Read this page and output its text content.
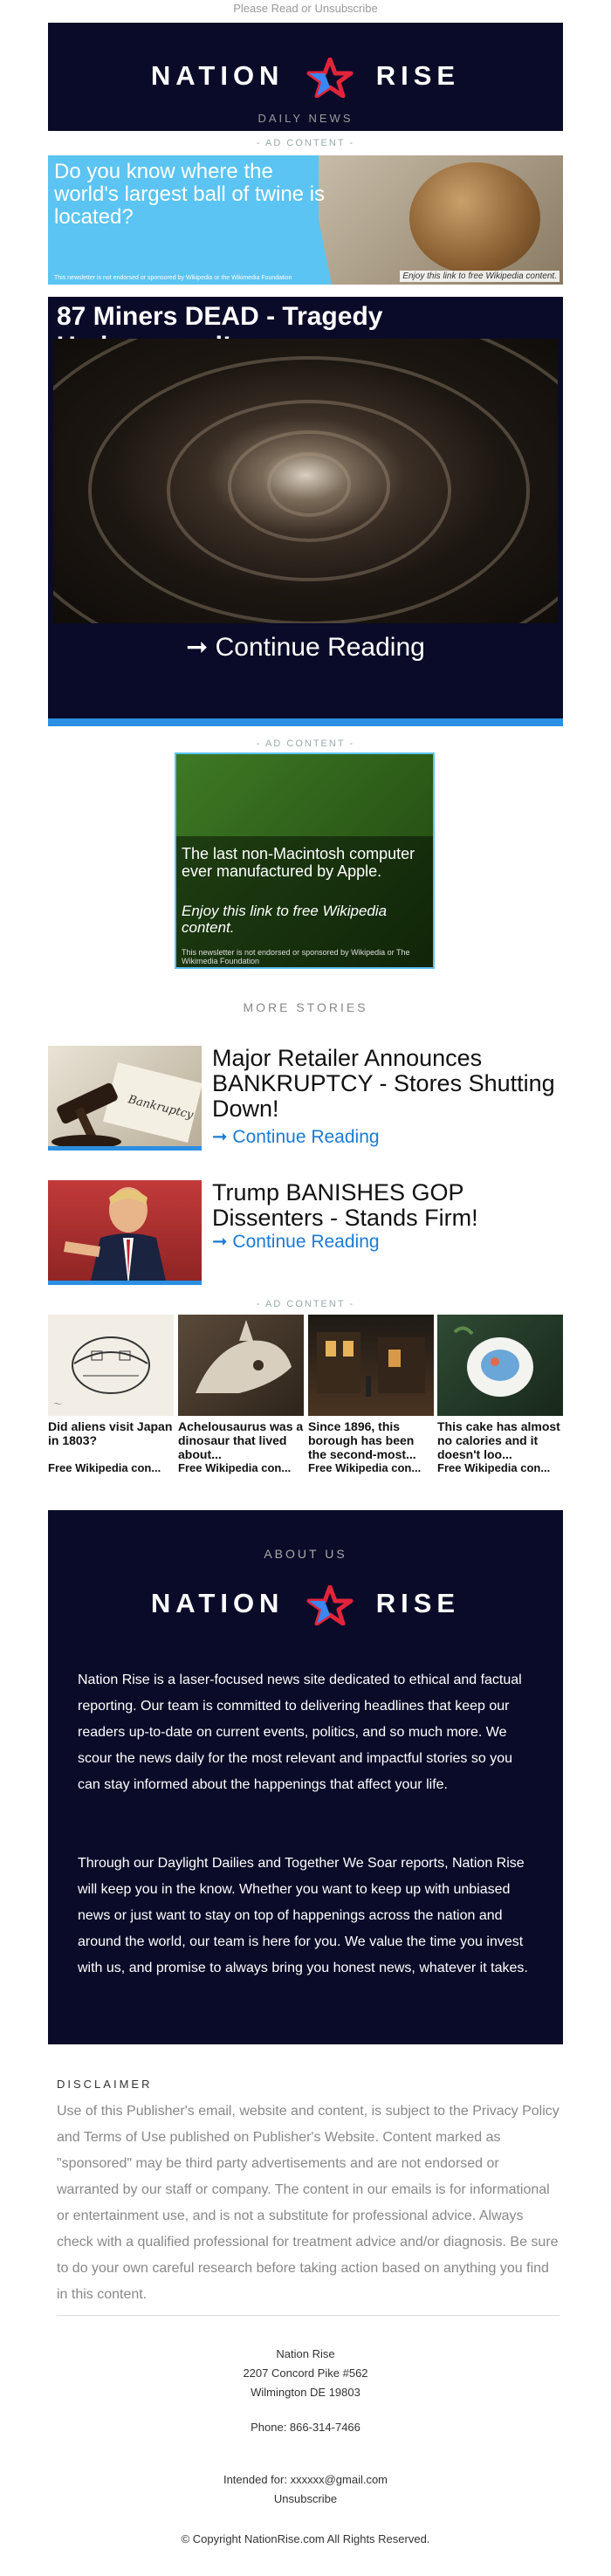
Please Read or Unsubscribe
NATION	RISE
DAILY NEWS
- AD CONTENT -
Do you know where the world's largest ball of twine is located?
This newsletter is not endorsed or sponsored by Wikipedia or the Wikimedia Foundation	Enjoy this link to free Wikipedia content.
87 Miners DEAD - Tragedy
➞ Continue Reading
- AD CONTENT -
The last non-Macintosh computer ever manufactured by Apple.
Enjoy this link to free Wikipedia content.
This newsletter is not endorsed or sponsored by Wikipedia or The Wikimedia Foundation
MORE STORIES
Bankruptcy
Major Retailer Announces BANKRUPTCY - Stores Shutting Down!
➞ Continue Reading
Trump BANISHES GOP Dissenters - Stands Firm!
➞ Continue Reading
- AD CONTENT -
〜
Did aliens visit Japan in 1803?
Free Wikipedia con...
Achelousaurus was a dinosaur that lived about...
Free Wikipedia con...
Since 1896, this borough has been the second-most...
Free Wikipedia con...
This cake has almost no calories and it doesn't loo...
Free Wikipedia con...
ABOUT US
NATION	RISE

Nation Rise is a laser-focused news site dedicated to ethical and factual reporting. Our team is committed to delivering headlines that keep our readers up-to-date on current events, politics, and so much more. We scour the news daily for the most relevant and impactful stories so you can stay informed about the happenings that affect your life.

Through our Daylight Dailies and Together We Soar reports, Nation Rise will keep you in the know. Whether you want to keep up with unbiased news or just want to stay on top of happenings across the nation and around the world, our team is here for you. We value the time you invest with us, and promise to always bring you honest news, whatever it takes.

DISCLAIMER

Use of this Publisher's email, website and content, is subject to the Privacy Policy and Terms of Use published on Publisher's Website. Content marked as "sponsored" may be third party advertisements and are not endorsed or warranted by our staff or company. The content in our emails is for informational or entertainment use, and is not a substitute for professional advice. Always check with a qualified professional for treatment advice and/or diagnosis. Be sure to do your own careful research before taking action based on anything you find in this content.

Nation Rise
2207 Concord Pike #562
Wilmington DE 19803
Phone: 866-314-7466
Intended for: xxxxxx@gmail.com
Unsubscribe
© Copyright NationRise.com All Rights Reserved.
